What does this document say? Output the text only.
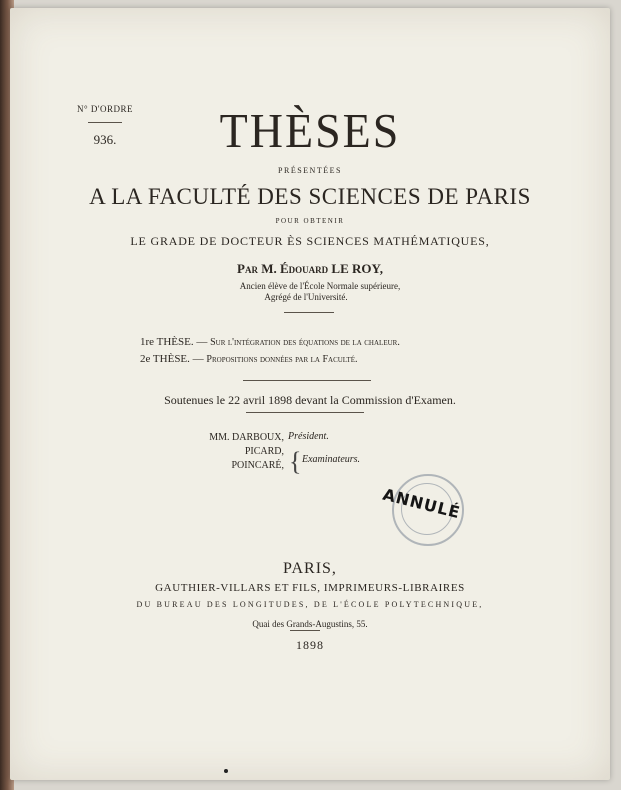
N° D'ORDRE
936.	THÈSES
PRÉSENTÉES
A LA FACULTÉ DES SCIENCES DE PARIS
POUR OBTENIR
LE GRADE DE DOCTEUR ÈS SCIENCES MATHÉMATIQUES,
Par M. Édouard LE ROY,
Ancien élève de l'École Normale supérieure,
Agrégé de l'Université.
1re THÈSE. — Sur l'intégration des équations de la chaleur.
2e THÈSE. — Propositions données par la Faculté.
Soutenues le 22 avril 1898 devant la Commission d'Examen.
MM. DARBOUX,
PICARD,
POINCARÉ,
Président.
{ Examinateurs.
ANNULÉ
PARIS,
GAUTHIER-VILLARS ET FILS, IMPRIMEURS-LIBRAIRES
DU BUREAU DES LONGITUDES, DE L'ÉCOLE POLYTECHNIQUE,
Quai des Grands-Augustins, 55.
1898
